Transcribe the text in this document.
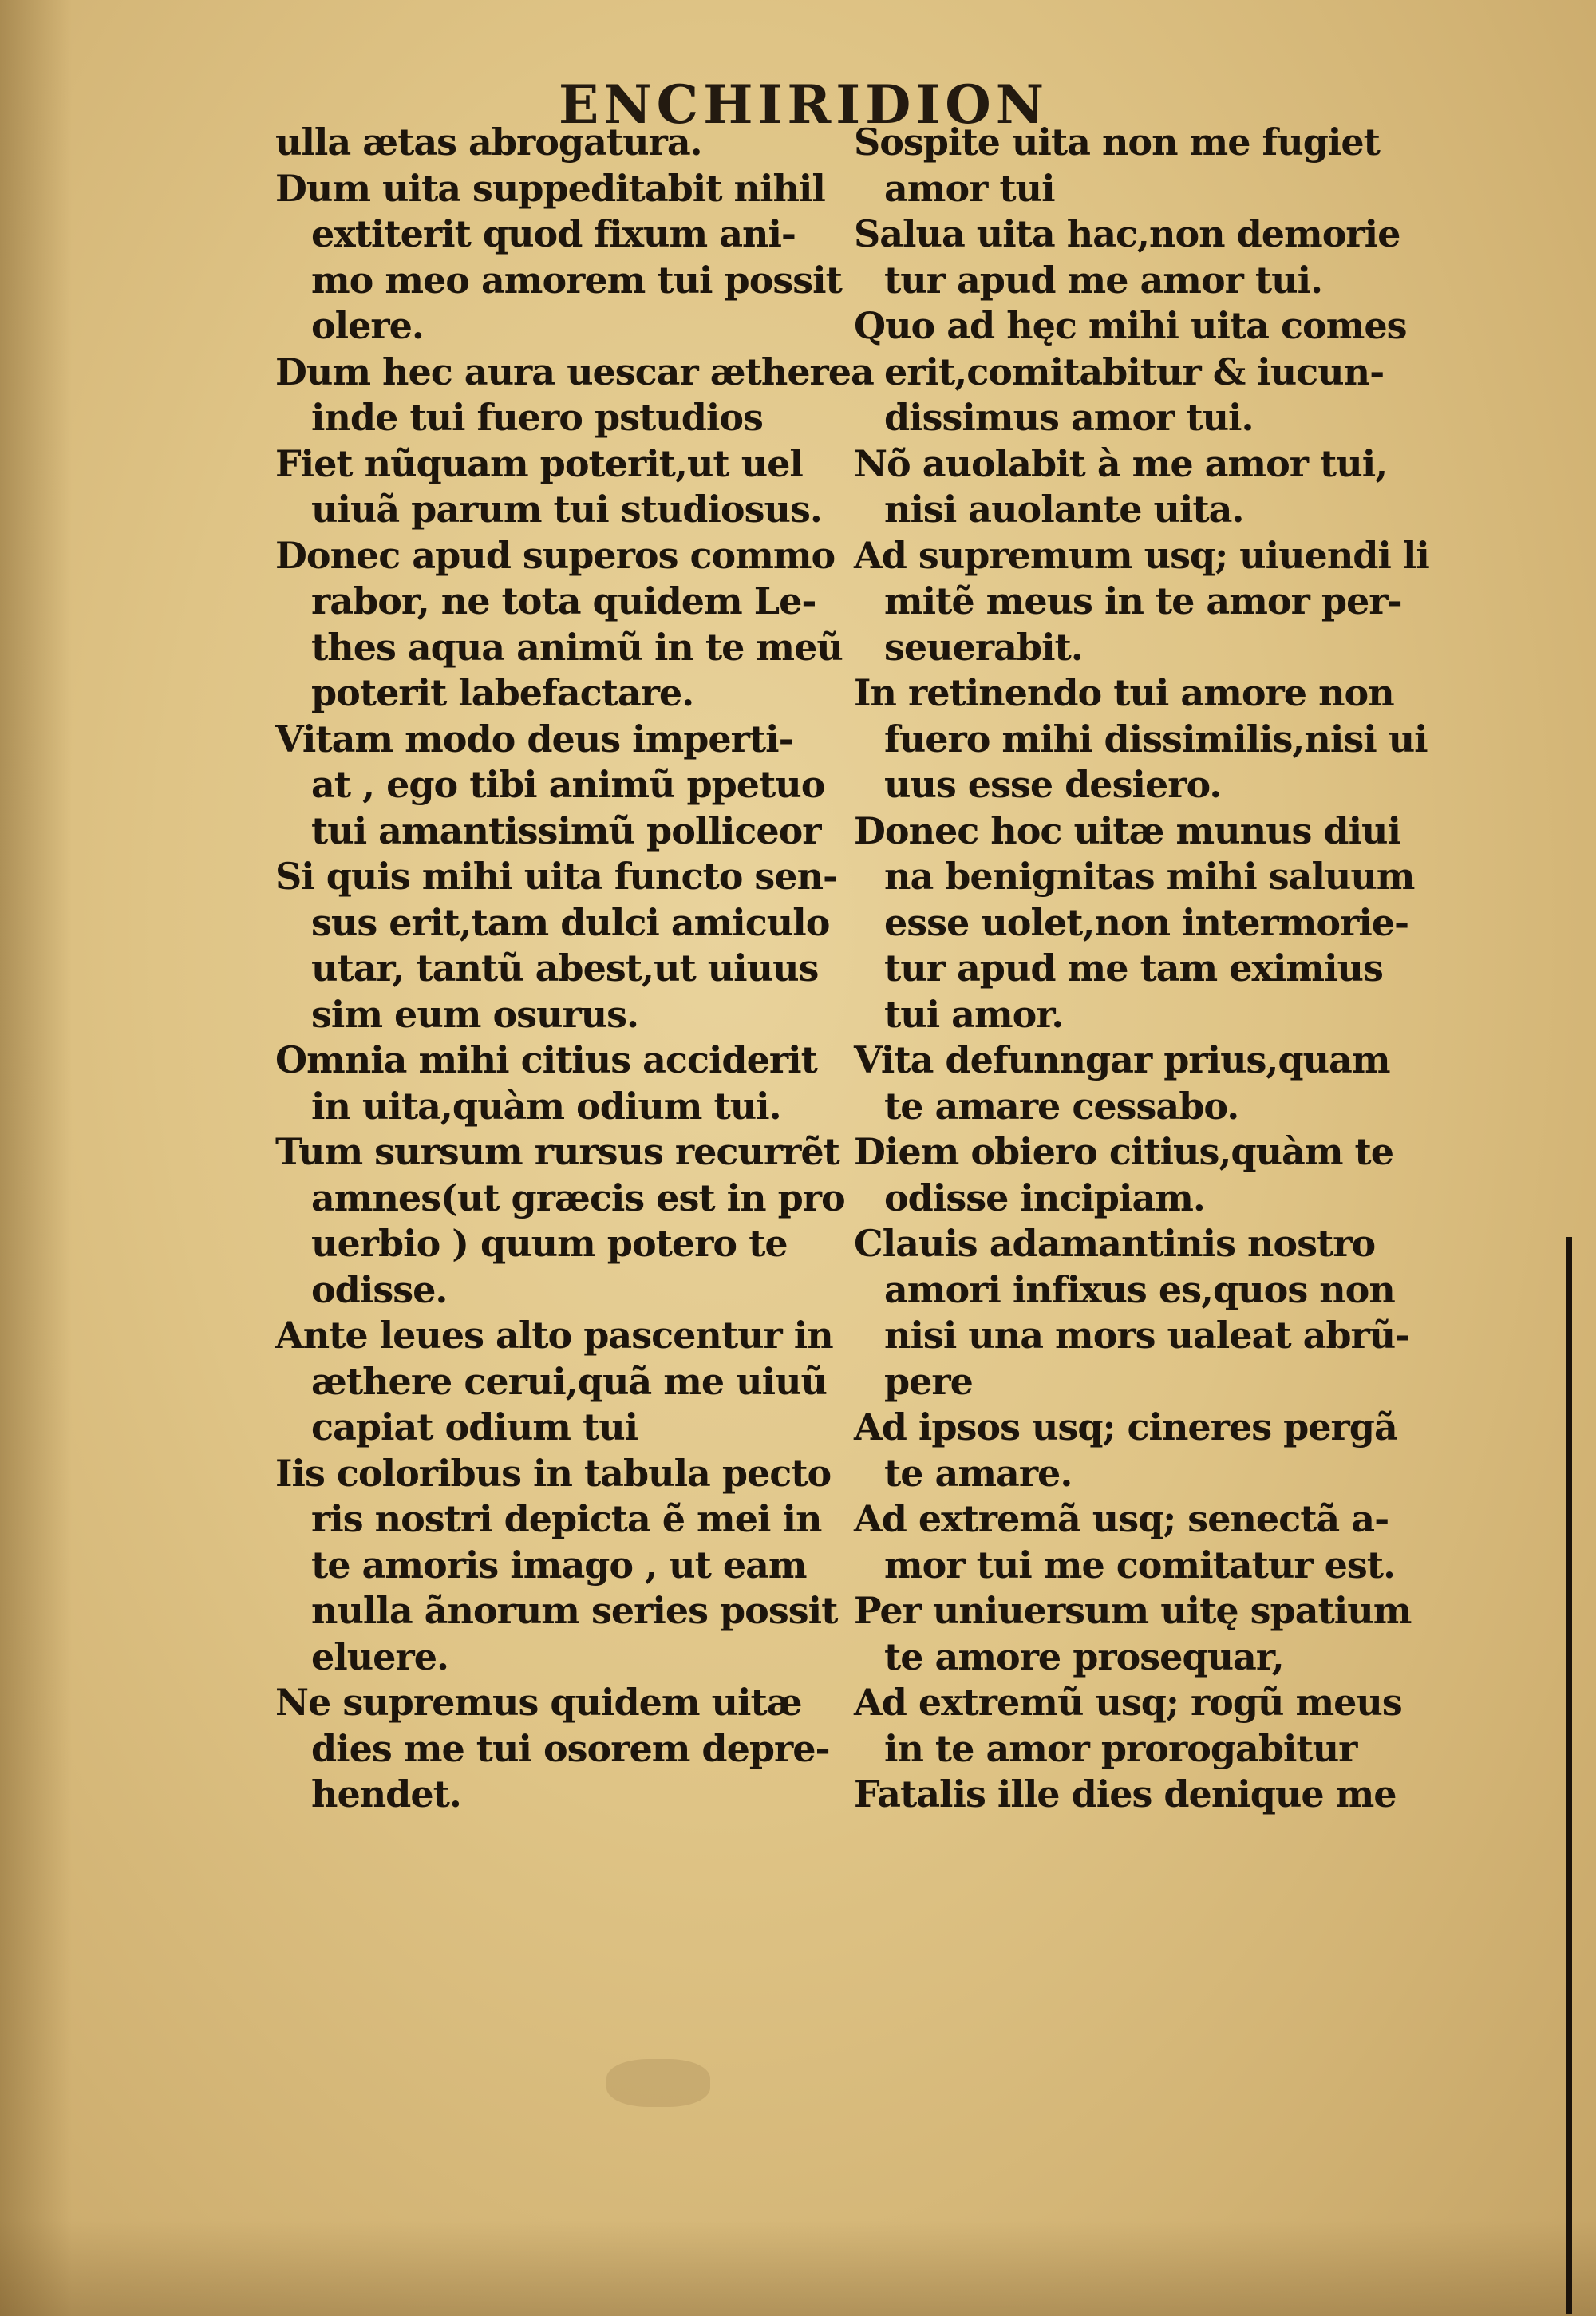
ENCHIRIDION
ulla ætas abrogatura.
Dum uita suppeditabit nihil
extiterit quod fixum ani-
mo meo amorem tui possit
olere.
Dum hec aura uescar ætherea
inde tui fuero pstudios
Fiet nũquam poterit,ut uel
uiuã parum tui studiosus.
Donec apud superos commo
rabor, ne tota quidem Le-
thes aqua animũ in te meũ
poterit labefactare.
Vitam modo deus imperti-
at , ego tibi animũ ppetuo
tui amantissimũ polliceor
Si quis mihi uita functo sen-
sus erit,tam dulci amiculo
utar, tantũ abest,ut uiuus
sim eum osurus.
Omnia mihi citius acciderit
in uita,quàm odium tui.
Tum sursum rursus recurrẽt
amnes(ut græcis est in pro
uerbio ) quum potero te
odisse.
Ante leues alto pascentur in
æthere cerui,quã me uiuũ
capiat odium tui
Iis coloribus in tabula pecto
ris nostri depicta ẽ mei in
te amoris imago , ut eam
nulla ãnorum series possit
eluere.
Ne supremus quidem uitæ
dies me tui osorem depre-
hendet.
Sospite uita non me fugiet
amor tui
Salua uita hac,non demorie
tur apud me amor tui.
Quo ad hęc mihi uita comes
erit,comitabitur & iucun-
dissimus amor tui.
Nõ auolabit à me amor tui,
nisi auolante uita.
Ad supremum usq; uiuendi li
mitẽ meus in te amor per-
seuerabit.
In retinendo tui amore non
fuero mihi dissimilis,nisi ui
uus esse desiero.
Donec hoc uitæ munus diui
na benignitas mihi saluum
esse uolet,non intermorie-
tur apud me tam eximius
tui amor.
Vita defunngar prius,quam
te amare cessabo.
Diem obiero citius,quàm te
odisse incipiam.
Clauis adamantinis nostro
amori infixus es,quos non
nisi una mors ualeat abrũ-
pere
Ad ipsos usq; cineres pergã
te amare.
Ad extremã usq; senectã a-
mor tui me comitatur est.
Per uniuersum uitę spatium
te amore prosequar,
Ad extremũ usq; rogũ meus
in te amor prorogabitur
Fatalis ille dies denique me
